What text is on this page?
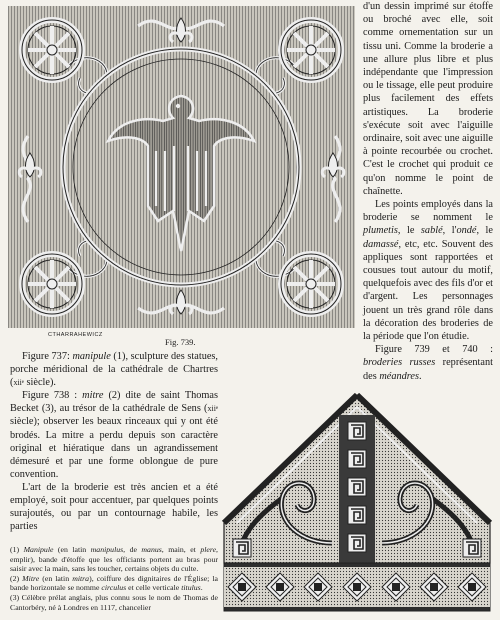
CTHARRAHEWICZ
Fig. 739.

d'un dessin imprimé sur étoffe ou broché avec elle, soit comme ornementation sur un tissu uni. Comme la broderie a une allure plus libre et plus indépendante que l'impression ou le tissage, elle peut produire plus facilement des effets artistiques. La broderie s'exécute soit avec l'aiguille ordinaire, soit avec une aiguille à pointe recourbée ou crochet. C'est le crochet qui produit ce qu'on nomme le point de chaînette.

Les points employés dans la broderie se nomment le plumetis, le sablé, l'ondé, le damassé, etc, etc. Souvent des appliques sont rapportées et cousues tout autour du motif, quelquefois avec des fils d'or et d'argent. Les personnages jouent un très grand rôle dans la décoration des broderies de la période que l'on étudie.

Figure 739 et 740 : broderies russes représentant des méandres.

Figure 737: manipule (1), sculpture des statues, porche méridional de la cathédrale de Chartres (xiiᵉ siècle).

Figure 738 : mitre (2) dite de saint Thomas Becket (3), au trésor de la cathédrale de Sens (xiiᵉ siècle); observer les beaux rinceaux qui y ont été brodés. La mitre a perdu depuis son caractère original et hiératique dans un agrandissement démesuré et par une forme oblongue de pure convention.

L'art de la broderie est très ancien et a été employé, soit pour accentuer, par quelques points surajoutés, ou par un contournage habile, les parties

(1) Manipule (en latin manipulus, de manus, main, et plere, emplir), bande d'étoffe que les officiants portent au bras pour saisir avec la main, sans les toucher, certains objets du culte.

(2) Mitre (en latin mitra), coiffure des dignitaires de l'Église; la bande horizontale se nomme circulus et celle verticale titulus.

(3) Célèbre prélat anglais, plus connu sous le nom de Thomas de Cantorbéry, né à Londres en 1117, chancelier
